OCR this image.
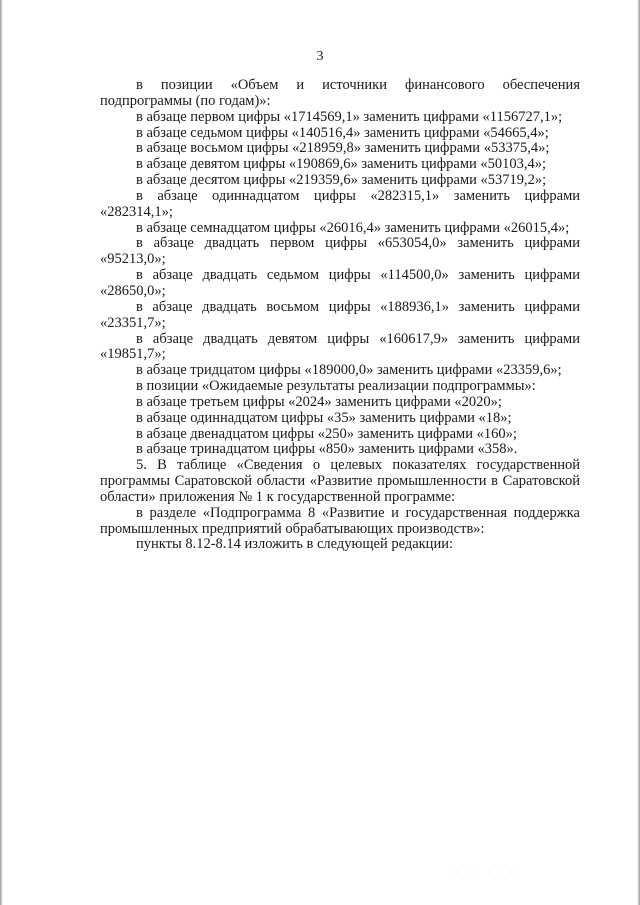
3

в позиции «Объем и источники финансового обеспечения подпрограммы (по годам)»:

в абзаце первом цифры «1714569,1» заменить цифрами «1156727,1»;

в абзаце седьмом цифры «140516,4» заменить цифрами «54665,4»;

в абзаце восьмом цифры «218959,8» заменить цифрами «53375,4»;

в абзаце девятом цифры «190869,6» заменить цифрами «50103,4»;

в абзаце десятом цифры «219359,6» заменить цифрами «53719,2»;

в абзаце одиннадцатом цифры «282315,1» заменить цифрами «282314,1»;

в абзаце семнадцатом цифры «26016,4» заменить цифрами «26015,4»;

в абзаце двадцать первом цифры «653054,0» заменить цифрами «95213,0»;

в абзаце двадцать седьмом цифры «114500,0» заменить цифрами «28650,0»;

в абзаце двадцать восьмом цифры «188936,1» заменить цифрами «23351,7»;

в абзаце двадцать девятом цифры «160617,9» заменить цифрами «19851,7»;

в абзаце тридцатом цифры «189000,0» заменить цифрами «23359,6»;

в позиции «Ожидаемые результаты реализации подпрограммы»:

в абзаце третьем цифры «2024» заменить цифрами «2020»;

в абзаце одиннадцатом цифры «35» заменить цифрами «18»;

в абзаце двенадцатом цифры «250» заменить цифрами «160»;

в абзаце тринадцатом цифры «850» заменить цифрами «358».

5. В таблице «Сведения о целевых показателях государственной программы Саратовской области «Развитие промышленности в Саратовской области» приложения № 1 к государственной программе:

в разделе «Подпрограмма 8 «Развитие и государственная поддержка промышленных предприятий обрабатывающих производств»:

пункты 8.12-8.14 изложить в следующей редакции:

· · · · · ·
